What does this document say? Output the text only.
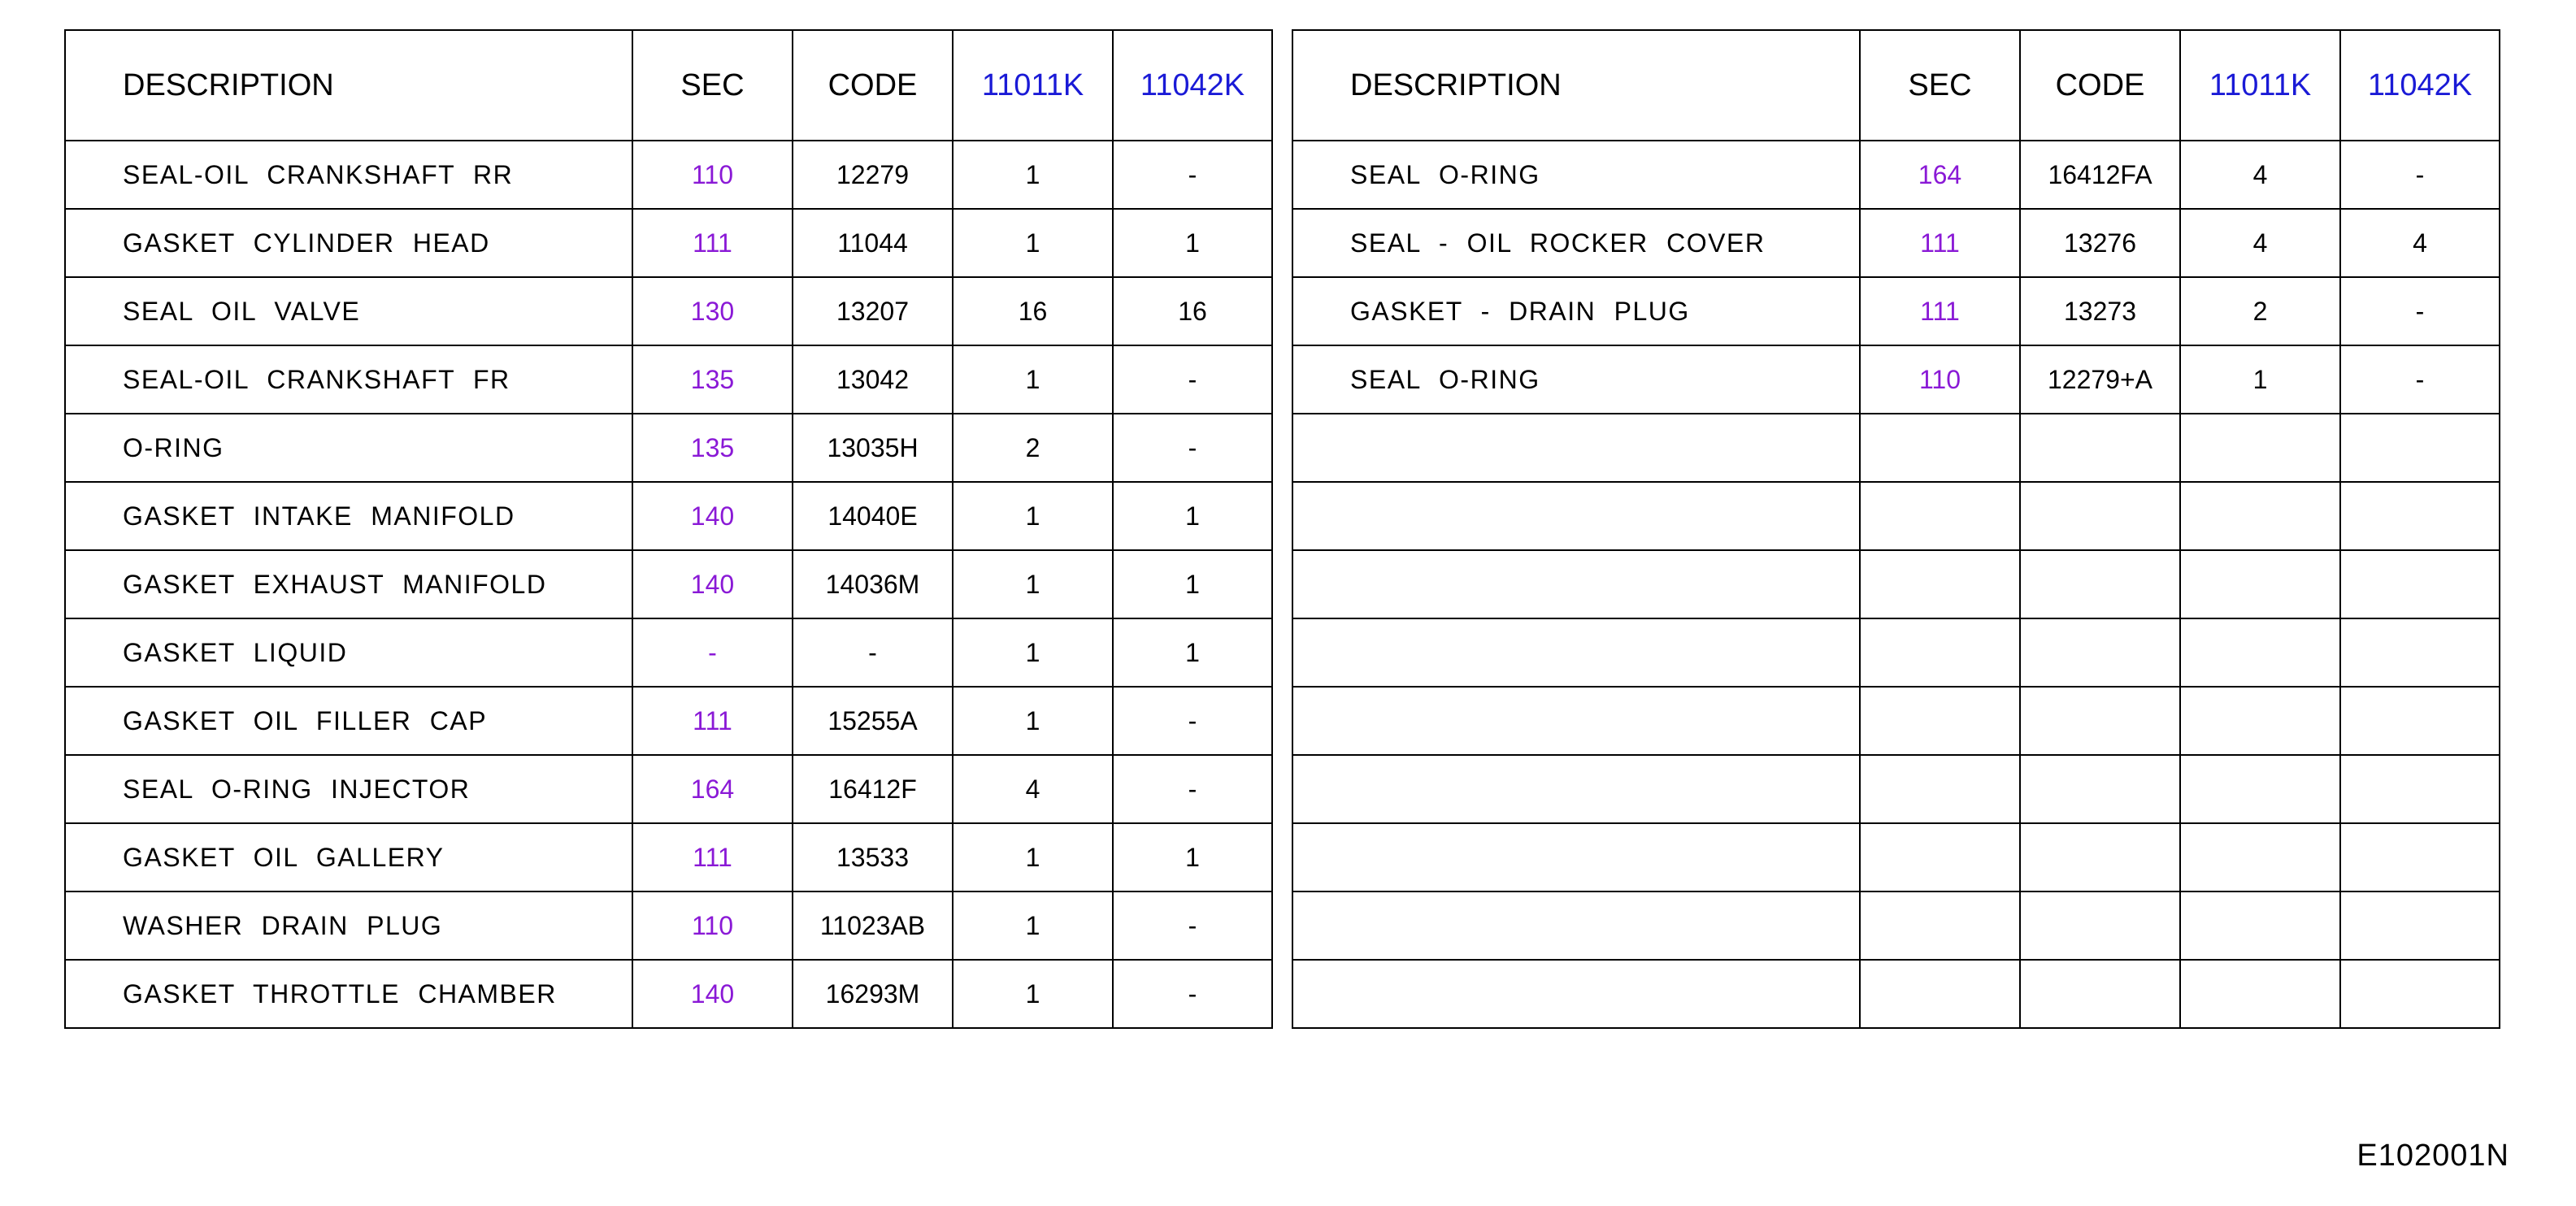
DESCRIPTION	SEC	CODE	11011K	11042K
SEAL-OIL CRANKSHAFT RR	110	12279	1	-
GASKET CYLINDER HEAD	111	11044	1	1
SEAL OIL VALVE	130	13207	16	16
SEAL-OIL CRANKSHAFT FR	135	13042	1	-
O-RING	135	13035H	2	-
GASKET INTAKE MANIFOLD	140	14040E	1	1
GASKET EXHAUST MANIFOLD	140	14036M	1	1
GASKET LIQUID	-	-	1	1
GASKET OIL FILLER CAP	111	15255A	1	-
SEAL O-RING INJECTOR	164	16412F	4	-
GASKET OIL GALLERY	111	13533	1	1
WASHER DRAIN PLUG	110	11023AB	1	-
GASKET THROTTLE CHAMBER	140	16293M	1	-
DESCRIPTION	SEC	CODE	11011K	11042K
SEAL O-RING	164	16412FA	4	-
SEAL - OIL ROCKER COVER	111	13276	4	4
GASKET - DRAIN PLUG	111	13273	2	-
SEAL O-RING	110	12279+A	1	-

E102001N
